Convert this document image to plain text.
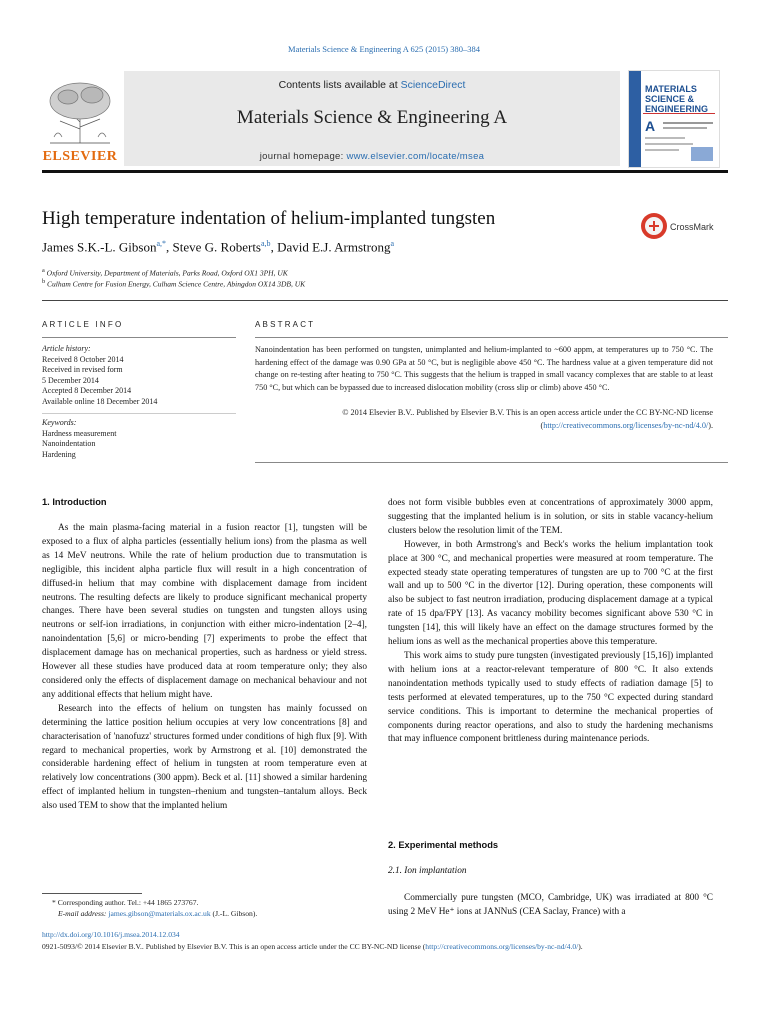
Materials Science & Engineering A 625 (2015) 380–384
ELSEVIER
Contents lists available at ScienceDirect
Materials Science & Engineering A
journal homepage: www.elsevier.com/locate/msea
A
MATERIALS SCIENCE & ENGINEERING
High temperature indentation of helium-implanted tungsten	CrossMark
James S.K.-L. Gibson$^{a,*}$, Steve G. Roberts$^{a,b}$, David E.J. Armstrong$^a$
$^a$ Oxford University, Department of Materials, Parks Road, Oxford OX1 3PH, UK
$^b$ Culham Centre for Fusion Energy, Culham Science Centre, Abingdon OX14 3DB, UK
ARTICLE INFO
Article history:
Received 8 October 2014
Received in revised form
5 December 2014
Accepted 8 December 2014
Available online 18 December 2014
Keywords:
Hardness measurement
Nanoindentation
Hardening
ABSTRACT
Nanoindentation has been performed on tungsten, unimplanted and helium-implanted to ~600 appm, at temperatures up to 750 °C. The hardening effect of the damage was 0.90 GPa at 50 °C, but is negligible above 450 °C. The hardness value at a given temperature did not change on re-testing after heating to 750 °C. This suggests that the helium is trapped in small vacancy complexes that are stable to at least 750 °C, but which can be bypassed due to increased dislocation mobility (cross slip or climb) above 450 °C.
© 2014 Elsevier B.V.. Published by Elsevier B.V. This is an open access article under the CC BY-NC-ND license (http://creativecommons.org/licenses/by-nc-nd/4.0/).
1. Introduction

As the main plasma-facing material in a fusion reactor [1], tungsten will be exposed to a flux of alpha particles (essentially helium ions) from the plasma as well as 14 MeV neutrons. While the rate of helium production due to transmutation is negligible, this incident alpha particle flux will result in a high concentration of diffused-in helium that may combine with displacement damage from incident neutrons. The resulting defects are likely to produce significant mechanical property changes. There have been several studies on tungsten and tungsten alloys using neutrons or self-ion irradiations, in conjunction with either micro-indentation [2–4], nanoindentation [5,6] or micro-bending [7] experiments to probe the effect that displacement damage has on mechanical properties, such as hardness or yield stress. However all these studies have produced data at room temperature only; they also considered only the effects of displacement damage on mechanical behaviour and not any additional effects that helium might have.

Research into the effects of helium on tungsten has mainly focussed on determining the lattice position helium occupies at very low concentrations [8] and characterisation of 'nanofuzz' structures formed under conditions of high flux [9]. With regard to mechanical properties, work by Armstrong et al. [10] demonstrated the considerable hardening effect of helium in tungsten at room temperature even at relatively low concentrations (300 appm). Beck et al. [11] showed a similar hardening effect of implanted helium in tungsten–rhenium and tungsten–tantalum alloys. Beck also used TEM to show that the implanted helium

does not form visible bubbles even at concentrations of approximately 3000 appm, suggesting that the implanted helium is in solution, or sits in stable vacancy-helium clusters below the resolution limit of the TEM.

However, in both Armstrong's and Beck's works the helium implantation took place at 300 °C, and mechanical properties were measured at room temperature. The expected steady state operating temperatures of tungsten are up to 700 °C at the first wall and up to 500 °C in the divertor [12]. During operation, these components will also be subject to fast neutron irradiation, producing displacement damage at a typical rate of 15 dpa/FPY [13]. As vacancy mobility becomes significant above 530 °C in tungsten [14], this will likely have an effect on the damage structures formed by the helium ions as well as the mechanical properties above this temperature.

This work aims to study pure tungsten (investigated previously [15,16]) implanted with helium ions at a reactor-relevant temperature of 800 °C. It also extends nanoindentation methods typically used to study effects of radiation damage [5] to tests performed at elevated temperatures, up to the 750 °C expected during standard service conditions. This is important to determine the mechanical properties of components during reactor operations, and also to study the hardening mechanisms that may influence component brittleness during maintenance periods.

2. Experimental methods
2.1. Ion implantation

Commercially pure tungsten (MCO, Cambridge, UK) was irradiated at 800 °C using 2 MeV He⁺ ions at JANNuS (CEA Saclay, France) with a

* Corresponding author. Tel.: +44 1865 273767.
E-mail address: james.gibson@materials.ox.ac.uk (J.-L. Gibson).
http://dx.doi.org/10.1016/j.msea.2014.12.034
0921-5093/© 2014 Elsevier B.V.. Published by Elsevier B.V. This is an open access article under the CC BY-NC-ND license (http://creativecommons.org/licenses/by-nc-nd/4.0/).
